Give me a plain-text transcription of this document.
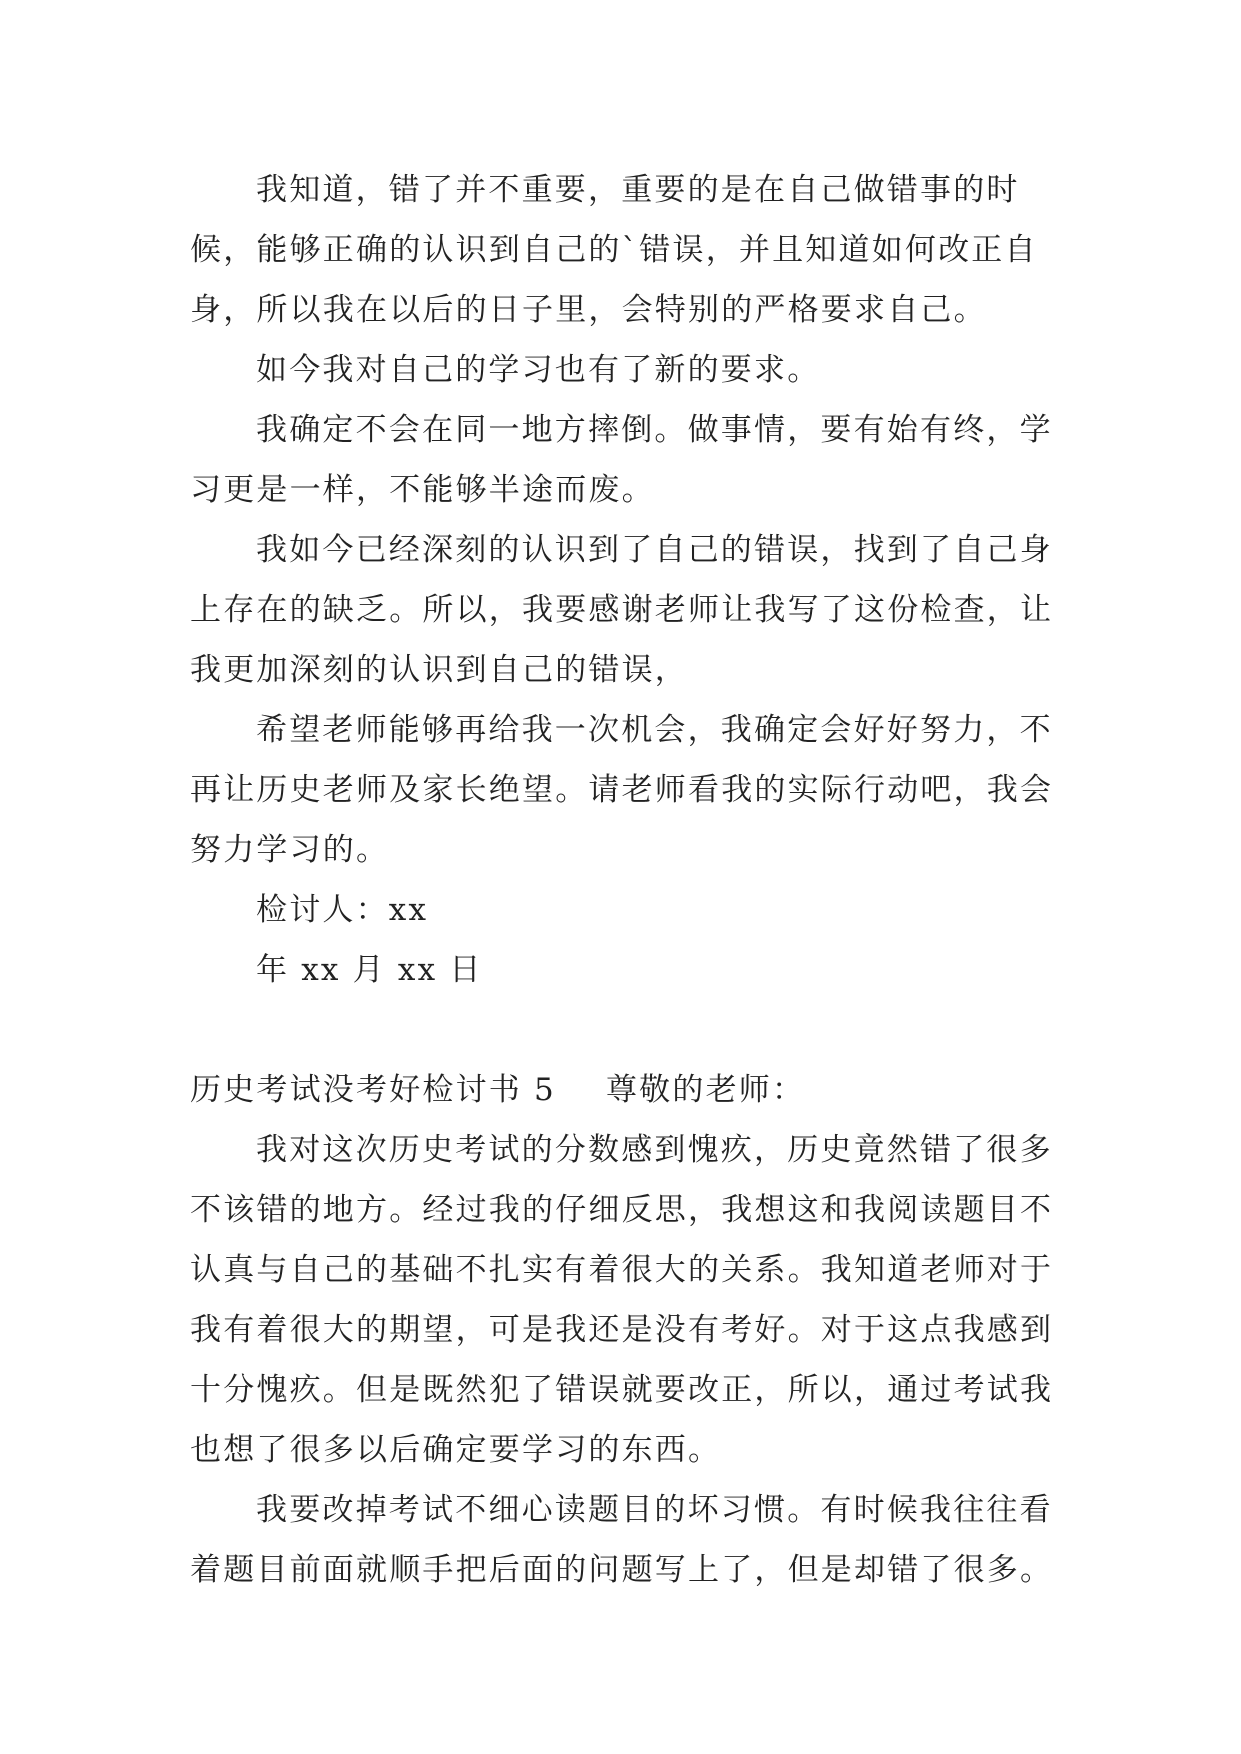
我知道，错了并不重要，重要的是在自己做错事的时候，能够正确的认识到自己的`错误，并且知道如何改正自身，所以我在以后的日子里，会特别的严格要求自己。

如今我对自己的学习也有了新的要求。

我确定不会在同一地方摔倒。做事情，要有始有终，学习更是一样，不能够半途而废。

我如今已经深刻的认识到了自己的错误，找到了自己身上存在的缺乏。所以，我要感谢老师让我写了这份检查，让我更加深刻的认识到自己的错误，

希望老师能够再给我一次机会，我确定会好好努力，不再让历史老师及家长绝望。请老师看我的实际行动吧，我会努力学习的。

检讨人：xx

年 xx 月 xx 日

历史考试没考好检讨书 5 尊敬的老师：

我对这次历史考试的分数感到愧疚，历史竟然错了很多不该错的地方。经过我的仔细反思，我想这和我阅读题目不认真与自己的基础不扎实有着很大的关系。我知道老师对于我有着很大的期望，可是我还是没有考好。对于这点我感到十分愧疚。但是既然犯了错误就要改正，所以，通过考试我也想了很多以后确定要学习的东西。

我要改掉考试不细心读题目的坏习惯。有时候我往往看着题目前面就顺手把后面的问题写上了，但是却错了很多。
